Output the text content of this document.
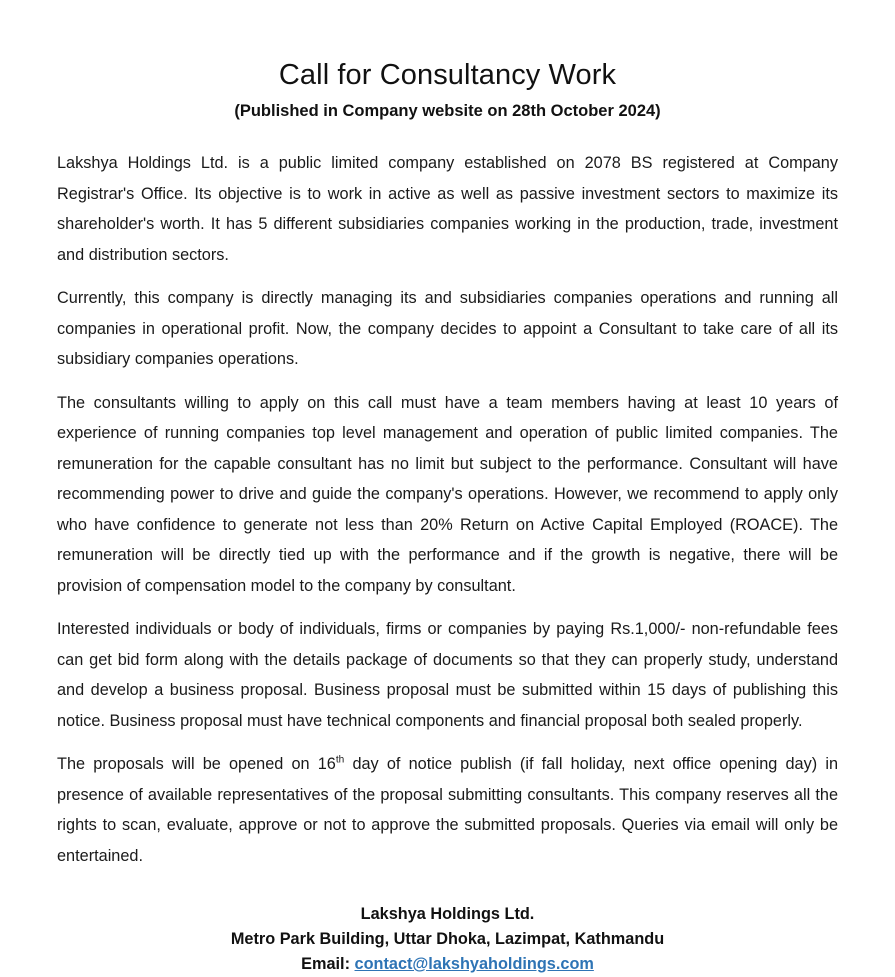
Call for Consultancy Work
(Published in Company website on 28th October 2024)

Lakshya Holdings Ltd. is a public limited company established on 2078 BS registered at Company Registrar's Office. Its objective is to work in active as well as passive investment sectors to maximize its shareholder's worth. It has 5 different subsidiaries companies working in the production, trade, investment and distribution sectors.

Currently, this company is directly managing its and subsidiaries companies operations and running all companies in operational profit. Now, the company decides to appoint a Consultant to take care of all its subsidiary companies operations.

The consultants willing to apply on this call must have a team members having at least 10 years of experience of running companies top level management and operation of public limited companies. The remuneration for the capable consultant has no limit but subject to the performance. Consultant will have recommending power to drive and guide the company's operations. However, we recommend to apply only who have confidence to generate not less than 20% Return on Active Capital Employed (ROACE). The remuneration will be directly tied up with the performance and if the growth is negative, there will be provision of compensation model to the company by consultant.

Interested individuals or body of individuals, firms or companies by paying Rs.1,000/- non-refundable fees can get bid form along with the details package of documents so that they can properly study, understand and develop a business proposal. Business proposal must be submitted within 15 days of publishing this notice. Business proposal must have technical components and financial proposal both sealed properly.

The proposals will be opened on 16th day of notice publish (if fall holiday, next office opening day) in presence of available representatives of the proposal submitting consultants. This company reserves all the rights to scan, evaluate, approve or not to approve the submitted proposals. Queries via email will only be entertained.

Lakshya Holdings Ltd.
Metro Park Building, Uttar Dhoka, Lazimpat, Kathmandu
Email: contact@lakshyaholdings.com
